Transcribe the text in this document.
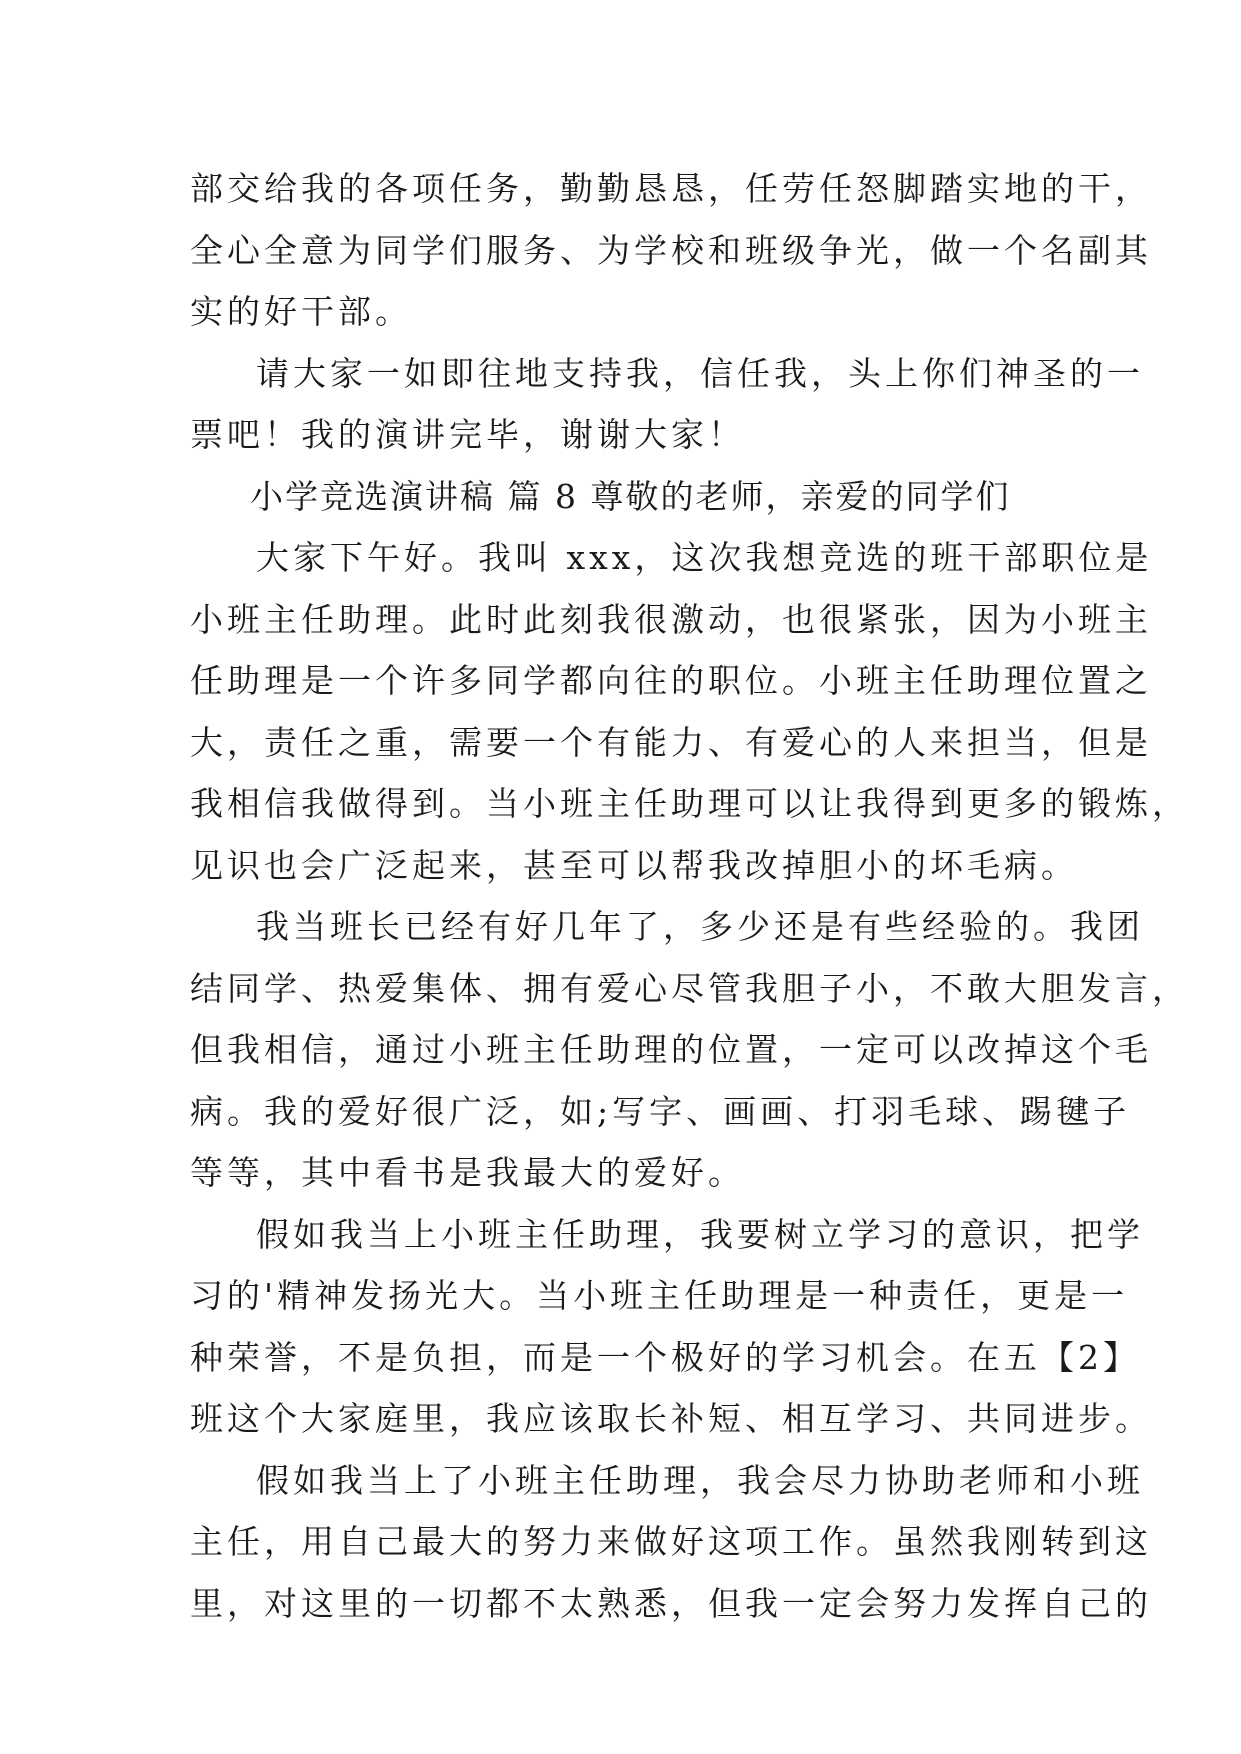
部交给我的各项任务，勤勤恳恳，任劳任怒脚踏实地的干，
全心全意为同学们服务、为学校和班级争光，做一个名副其
实的好干部。
请大家一如即往地支持我，信任我，头上你们神圣的一
票吧！我的演讲完毕，谢谢大家！
小学竞选演讲稿 篇 8 尊敬的老师，亲爱的同学们
大家下午好。我叫 xxx，这次我想竞选的班干部职位是
小班主任助理。此时此刻我很激动，也很紧张，因为小班主
任助理是一个许多同学都向往的职位。小班主任助理位置之
大，责任之重，需要一个有能力、有爱心的人来担当，但是
我相信我做得到。当小班主任助理可以让我得到更多的锻炼，
见识也会广泛起来，甚至可以帮我改掉胆小的坏毛病。
我当班长已经有好几年了，多少还是有些经验的。我团
结同学、热爱集体、拥有爱心尽管我胆子小，不敢大胆发言，
但我相信，通过小班主任助理的位置，一定可以改掉这个毛
病。我的爱好很广泛，如;写字、画画、打羽毛球、踢毽子
等等，其中看书是我最大的爱好。
假如我当上小班主任助理，我要树立学习的意识，把学
习的'精神发扬光大。当小班主任助理是一种责任，更是一
种荣誉，不是负担，而是一个极好的学习机会。在五【2】
班这个大家庭里，我应该取长补短、相互学习、共同进步。
假如我当上了小班主任助理，我会尽力协助老师和小班
主任，用自己最大的努力来做好这项工作。虽然我刚转到这
里，对这里的一切都不太熟悉，但我一定会努力发挥自己的
